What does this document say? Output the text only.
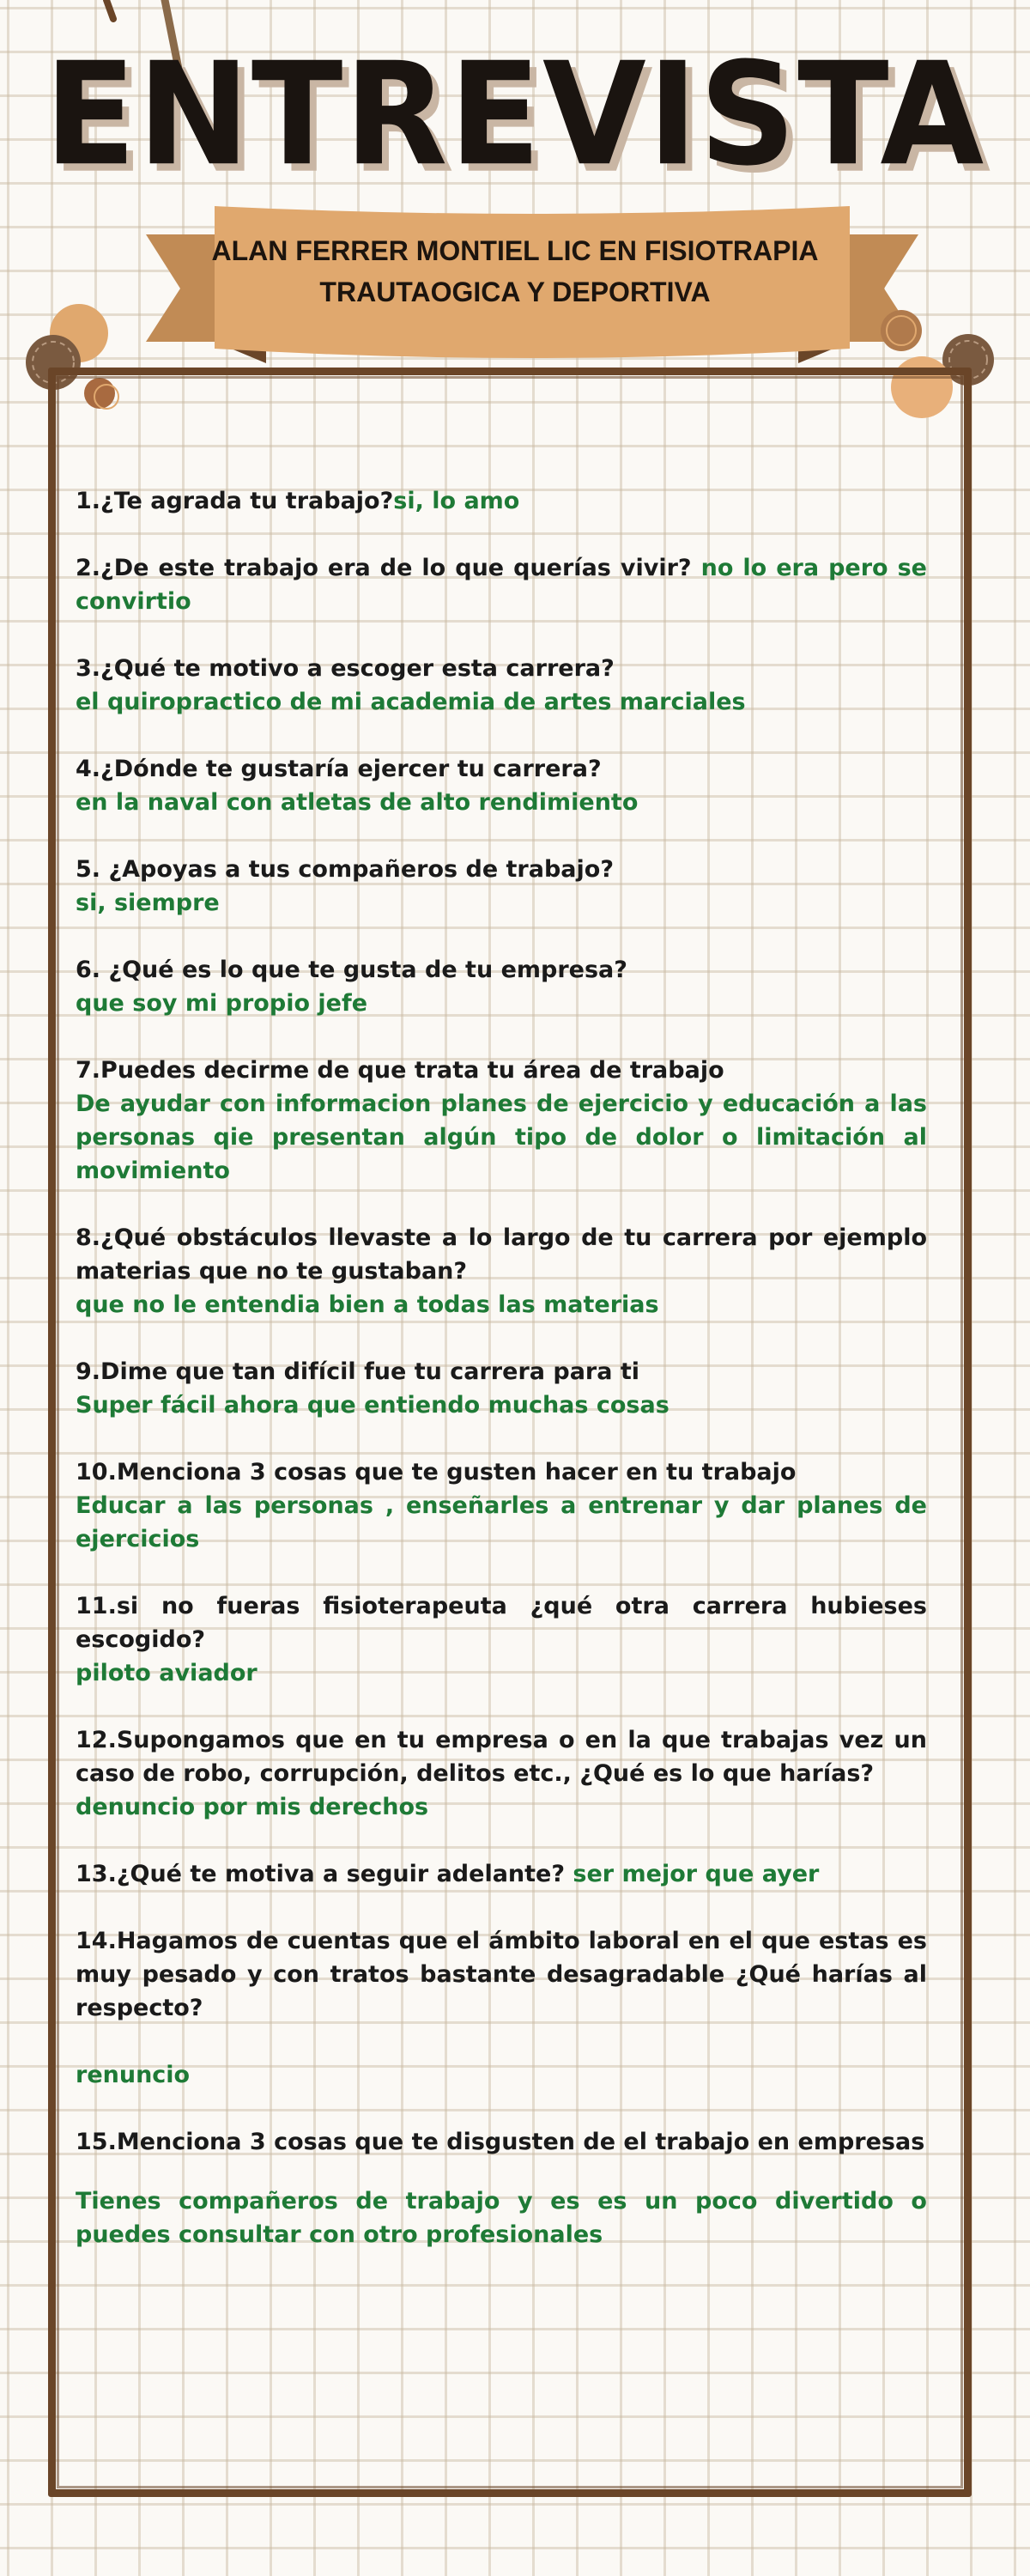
ENTREVISTA
ALAN FERRER MONTIEL LIC EN FISIOTRAPIA
TRAUTAOGICA Y DEPORTIVA
1.¿Te agrada tu trabajo?si, lo amo
2.¿De este trabajo era de lo que querías vivir? no lo era pero se convirtio
3.¿Qué te motivo a escoger esta carrera?
el quiropractico de mi academia de artes marciales
4.¿Dónde te gustaría ejercer tu carrera?
en la naval con atletas de alto rendimiento
5. ¿Apoyas a tus compañeros de trabajo?
si, siempre
6. ¿Qué es lo que te gusta de tu empresa?
que soy mi propio jefe
7.Puedes decirme de que trata tu área de trabajo
De ayudar con informacion planes de ejercicio y educación a las personas qie presentan algún tipo de dolor o limitación al movimiento
8.¿Qué obstáculos llevaste a lo largo de tu carrera por ejemplo materias que no te gustaban?
que no le entendia bien a todas las materias
9.Dime que tan difícil fue tu carrera para ti
Super fácil ahora que entiendo muchas cosas
10.Menciona 3 cosas que te gusten hacer en tu trabajo
Educar a las personas , enseñarles a entrenar y dar planes de ejercicios
11.si no fueras fisioterapeuta ¿qué otra carrera hubieses escogido?
piloto aviador
12.Supongamos que en tu empresa o en la que trabajas vez un caso de robo, corrupción, delitos etc., ¿Qué es lo que harías?
denuncio por mis derechos
13.¿Qué te motiva a seguir adelante? ser mejor que ayer
14.Hagamos de cuentas que el ámbito laboral en el que estas es muy pesado y con tratos bastante desagradable ¿Qué harías al respecto?
renuncio
15.Menciona 3 cosas que te disgusten de el trabajo en empresas
Tienes compañeros de trabajo y es es un poco divertido o puedes consultar con otro profesionales
